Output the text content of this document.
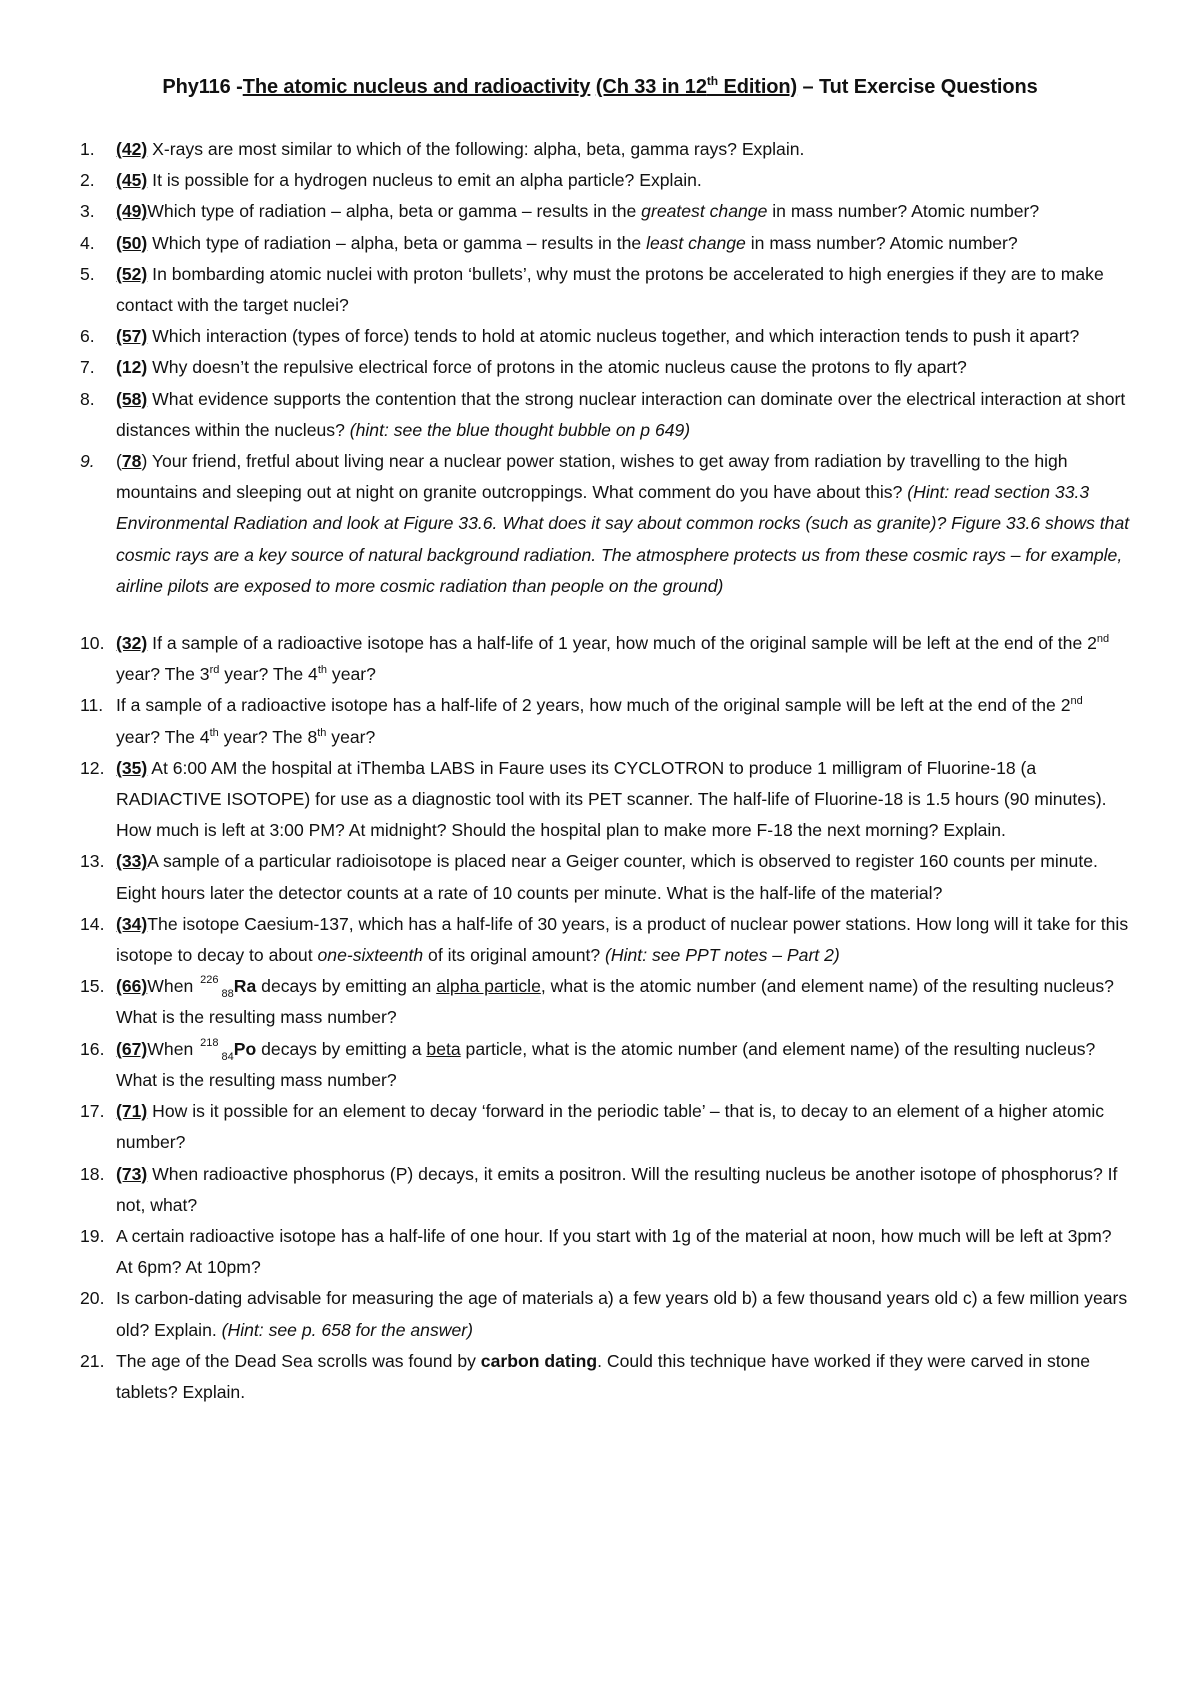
Phy116 -The atomic nucleus and radioactivity (Ch 33 in 12th Edition) – Tut Exercise Questions
1. (42) X-rays are most similar to which of the following: alpha, beta, gamma rays? Explain.
2. (45) It is possible for a hydrogen nucleus to emit an alpha particle? Explain.
3. (49)Which type of radiation – alpha, beta or gamma – results in the greatest change in mass number? Atomic number?
4. (50) Which type of radiation – alpha, beta or gamma – results in the least change in mass number? Atomic number?
5. (52) In bombarding atomic nuclei with proton ‘bullets’, why must the protons be accelerated to high energies if they are to make contact with the target nuclei?
6. (57) Which interaction (types of force) tends to hold at atomic nucleus together, and which interaction tends to push it apart?
7. (12) Why doesn’t the repulsive electrical force of protons in the atomic nucleus cause the protons to fly apart?
8. (58) What evidence supports the contention that the strong nuclear interaction can dominate over the electrical interaction at short distances within the nucleus? (hint: see the blue thought bubble on p 649)
9. (78) Your friend, fretful about living near a nuclear power station, wishes to get away from radiation by travelling to the high mountains and sleeping out at night on granite outcroppings. What comment do you have about this? (Hint: read section 33.3 Environmental Radiation and look at Figure 33.6. What does it say about common rocks (such as granite)? Figure 33.6 shows that cosmic rays are a key source of natural background radiation. The atmosphere protects us from these cosmic rays – for example, airline pilots are exposed to more cosmic radiation than people on the ground)
10. (32) If a sample of a radioactive isotope has a half-life of 1 year, how much of the original sample will be left at the end of the 2nd year? The 3rd year? The 4th year?
11. If a sample of a radioactive isotope has a half-life of 2 years, how much of the original sample will be left at the end of the 2nd year? The 4th year? The 8th year?
12. (35) At 6:00 AM the hospital at iThemba LABS in Faure uses its CYCLOTRON to produce 1 milligram of Fluorine-18 (a RADIACTIVE ISOTOPE) for use as a diagnostic tool with its PET scanner. The half-life of Fluorine-18 is 1.5 hours (90 minutes). How much is left at 3:00 PM? At midnight? Should the hospital plan to make more F-18 the next morning? Explain.
13. (33)A sample of a particular radioisotope is placed near a Geiger counter, which is observed to register 160 counts per minute. Eight hours later the detector counts at a rate of 10 counts per minute. What is the half-life of the material?
14. (34)The isotope Caesium-137, which has a half-life of 30 years, is a product of nuclear power stations. How long will it take for this isotope to decay to about one-sixteenth of its original amount? (Hint: see PPT notes – Part 2)
15. (66)When 22688Ra decays by emitting an alpha particle, what is the atomic number (and element name) of the resulting nucleus? What is the resulting mass number?
16. (67)When 21884Po decays by emitting a beta particle, what is the atomic number (and element name) of the resulting nucleus? What is the resulting mass number?
17. (71) How is it possible for an element to decay ‘forward in the periodic table’ – that is, to decay to an element of a higher atomic number?
18. (73) When radioactive phosphorus (P) decays, it emits a positron. Will the resulting nucleus be another isotope of phosphorus? If not, what?
19. A certain radioactive isotope has a half-life of one hour. If you start with 1g of the material at noon, how much will be left at 3pm? At 6pm? At 10pm?
20. Is carbon-dating advisable for measuring the age of materials a) a few years old b) a few thousand years old c) a few million years old? Explain. (Hint: see p. 658 for the answer)
21. The age of the Dead Sea scrolls was found by carbon dating. Could this technique have worked if they were carved in stone tablets? Explain.
